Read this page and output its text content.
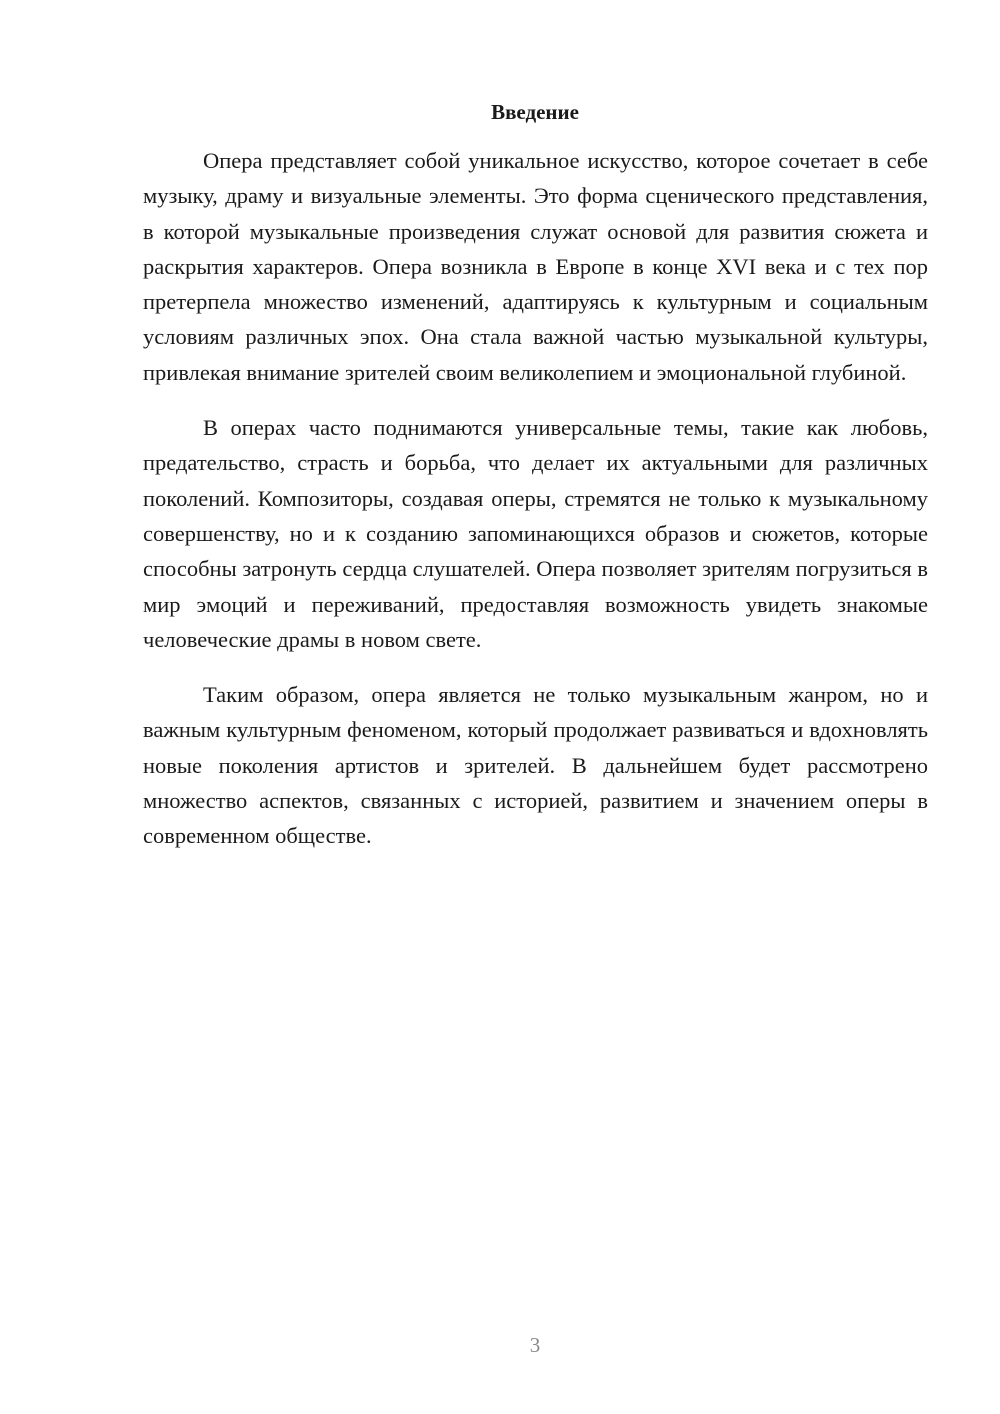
Введение

Опера представляет собой уникальное искусство, которое сочетает в себе музыку, драму и визуальные элементы. Это форма сценического представления, в которой музыкальные произведения служат основой для развития сюжета и раскрытия характеров. Опера возникла в Европе в конце XVI века и с тех пор претерпела множество изменений, адаптируясь к культурным и социальным условиям различных эпох. Она стала важной частью музыкальной культуры, привлекая внимание зрителей своим великолепием и эмоциональной глубиной.

В операх часто поднимаются универсальные темы, такие как любовь, предательство, страсть и борьба, что делает их актуальными для различных поколений. Композиторы, создавая оперы, стремятся не только к музыкальному совершенству, но и к созданию запоминающихся образов и сюжетов, которые способны затронуть сердца слушателей. Опера позволяет зрителям погрузиться в мир эмоций и переживаний, предоставляя возможность увидеть знакомые человеческие драмы в новом свете.

Таким образом, опера является не только музыкальным жанром, но и важным культурным феноменом, который продолжает развиваться и вдохновлять новые поколения артистов и зрителей. В дальнейшем будет рассмотрено множество аспектов, связанных с историей, развитием и значением оперы в современном обществе.

3
